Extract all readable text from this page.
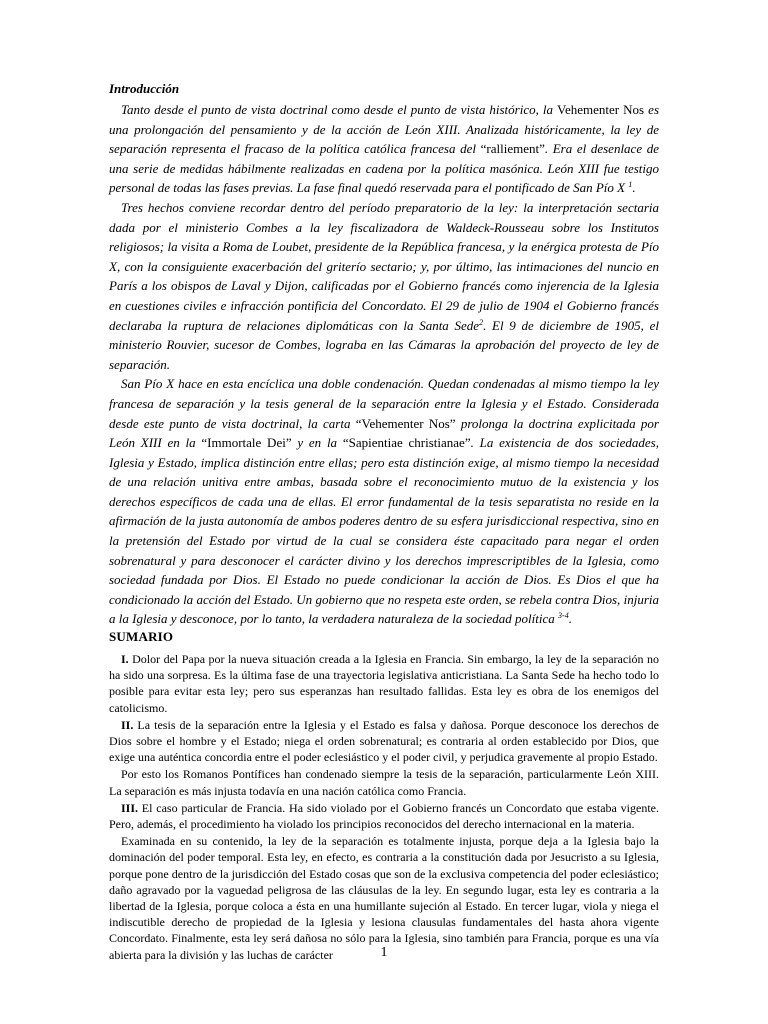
Introducción

Tanto desde el punto de vista doctrinal como desde el punto de vista histórico, la Vehementer Nos es una prolongación del pensamiento y de la acción de León XIII. Analizada históricamente, la ley de separación representa el fracaso de la política católica francesa del “ralliement”. Era el desenlace de una serie de medidas hábilmente realizadas en cadena por la política masónica. León XIII fue testigo personal de todas las fases previas. La fase final quedó reservada para el pontificado de San Pío X $^1$.

Tres hechos conviene recordar dentro del período preparatorio de la ley: la interpretación sectaria dada por el ministerio Combes a la ley fiscalizadora de Waldeck-Rousseau sobre los Institutos religiosos; la visita a Roma de Loubet, presidente de la República francesa, y la enérgica protesta de Pío X, con la consiguiente exacerbación del griterío sectario; y, por último, las intimaciones del nuncio en París a los obispos de Laval y Dijon, calificadas por el Gobierno francés como injerencia de la Iglesia en cuestiones civiles e infracción pontificia del Concordato. El 29 de julio de 1904 el Gobierno francés declaraba la ruptura de relaciones diplomáticas con la Santa Sede$^2$. El 9 de diciembre de 1905, el ministerio Rouvier, sucesor de Combes, lograba en las Cámaras la aprobación del proyecto de ley de separación.

San Pío X hace en esta encíclica una doble condenación. Quedan condenadas al mismo tiempo la ley francesa de separación y la tesis general de la separación entre la Iglesia y el Estado. Considerada desde este punto de vista doctrinal, la carta “Vehementer Nos” prolonga la doctrina explicitada por León XIII en la “Immortale Dei” y en la “Sapientiae christianae”. La existencia de dos sociedades, Iglesia y Estado, implica distinción entre ellas; pero esta distinción exige, al mismo tiempo la necesidad de una relación unitiva entre ambas, basada sobre el reconocimiento mutuo de la existencia y los derechos específicos de cada una de ellas. El error fundamental de la tesis separatista no reside en la afirmación de la justa autonomía de ambos poderes dentro de su esfera jurisdiccional respectiva, sino en la pretensión del Estado por virtud de la cual se considera éste capacitado para negar el orden sobrenatural y para desconocer el carácter divino y los derechos imprescriptibles de la Iglesia, como sociedad fundada por Dios. El Estado no puede condicionar la acción de Dios. Es Dios el que ha condicionado la acción del Estado. Un gobierno que no respeta este orden, se rebela contra Dios, injuria a la Iglesia y desconoce, por lo tanto, la verdadera naturaleza de la sociedad política $^{3-4}$.

SUMARIO

I. Dolor del Papa por la nueva situación creada a la Iglesia en Francia. Sin embargo, la ley de la separación no ha sido una sorpresa. Es la última fase de una trayectoria legislativa anticristiana. La Santa Sede ha hecho todo lo posible para evitar esta ley; pero sus esperanzas han resultado fallidas. Esta ley es obra de los enemigos del catolicismo.

II. La tesis de la separación entre la Iglesia y el Estado es falsa y dañosa. Porque desconoce los derechos de Dios sobre el hombre y el Estado; niega el orden sobrenatural; es contraria al orden establecido por Dios, que exige una auténtica concordia entre el poder eclesiástico y el poder civil, y perjudica gravemente al propio Estado.

Por esto los Romanos Pontífices han condenado siempre la tesis de la separación, particularmente León XIII. La separación es más injusta todavía en una nación católica como Francia.

III. El caso particular de Francia. Ha sido violado por el Gobierno francés un Concordato que estaba vigente. Pero, además, el procedimiento ha violado los principios reconocidos del derecho internacional en la materia.

Examinada en su contenido, la ley de la separación es totalmente injusta, porque deja a la Iglesia bajo la dominación del poder temporal. Esta ley, en efecto, es contraria a la constitución dada por Jesucristo a su Iglesia, porque pone dentro de la jurisdicción del Estado cosas que son de la exclusiva competencia del poder eclesiástico; daño agravado por la vaguedad peligrosa de las cláusulas de la ley. En segundo lugar, esta ley es contraria a la libertad de la Iglesia, porque coloca a ésta en una humillante sujeción al Estado. En tercer lugar, viola y niega el indiscutible derecho de propiedad de la Iglesia y lesiona clausulas fundamentales del hasta ahora vigente Concordato. Finalmente, esta ley será dañosa no sólo para la Iglesia, sino también para Francia, porque es una vía abierta para la división y las luchas de carácter	1
